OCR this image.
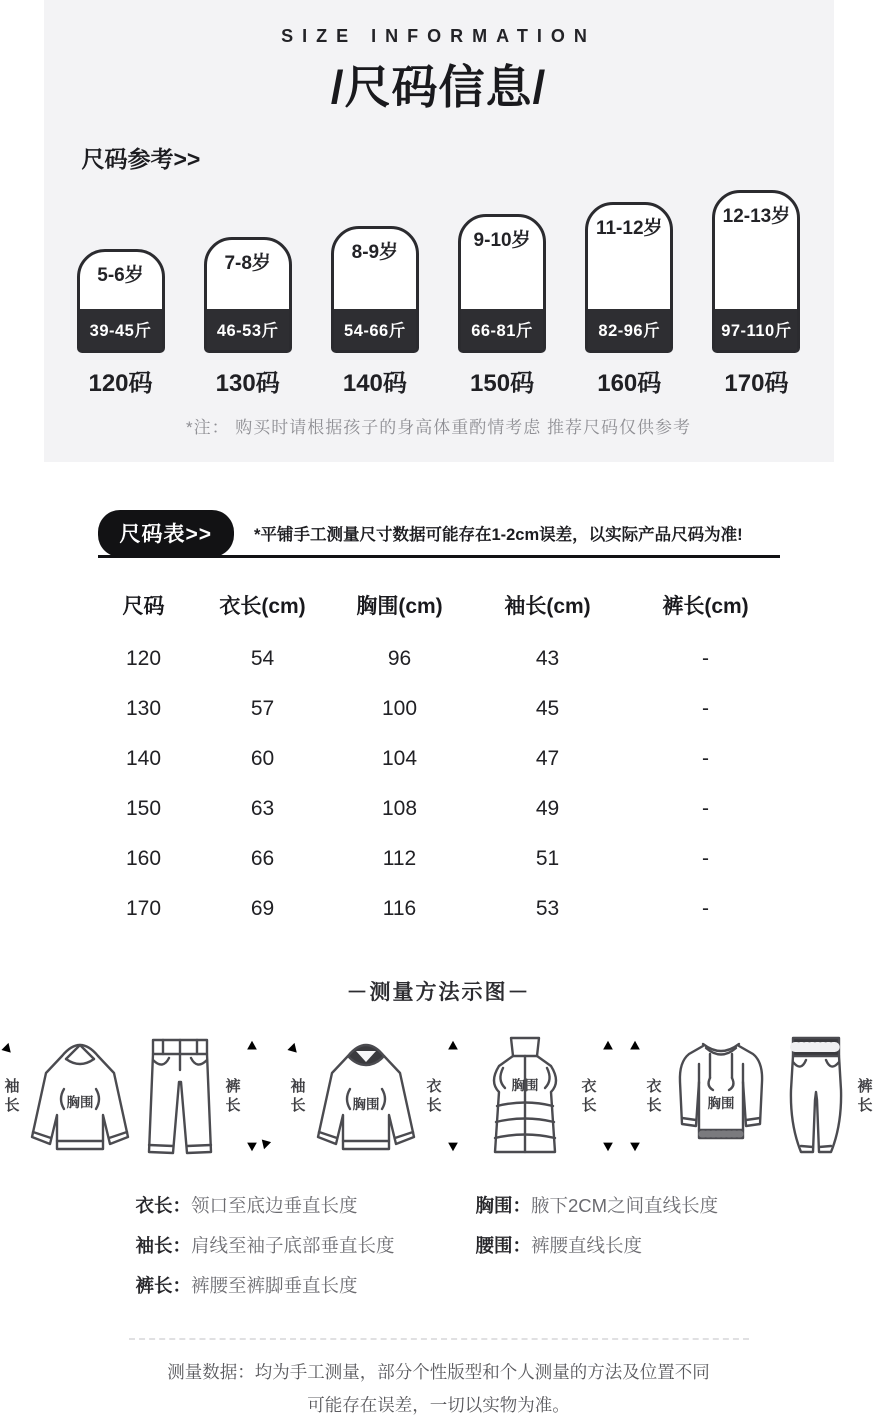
SIZE INFORMATION
/尺码信息/
尺码参考>>
5-6岁
39-45斤
120码
7-8岁
46-53斤
130码
8-9岁
54-66斤
140码
9-10岁
66-81斤
150码
11-12岁
82-96斤
160码
12-13岁
97-110斤
170码
*注： 购买时请根据孩子的身高体重酌情考虑 推荐尺码仅供参考
尺码表>>	*平铺手工测量尺寸数据可能存在1-2cm误差，以实际产品尺码为准!
尺码	衣长(cm)	胸围(cm)	袖长(cm)	裤长(cm)
120	54	96	43	-
130	57	100	45	-
140	60	104	47	-
150	63	108	49	-
160	66	112	51	-
170	69	116	53	-
－测量方法示图－
袖长	胸围
裤长
袖长	胸围
衣长
胸围	衣长
衣长	胸围
裤长
衣长：领口至底边垂直长度
袖长：肩线至袖子底部垂直长度
裤长：裤腰至裤脚垂直长度
胸围：腋下2CM之间直线长度
腰围：裤腰直线长度
测量数据：均为手工测量，部分个性版型和个人测量的方法及位置不同
可能存在误差，一切以实物为准。
